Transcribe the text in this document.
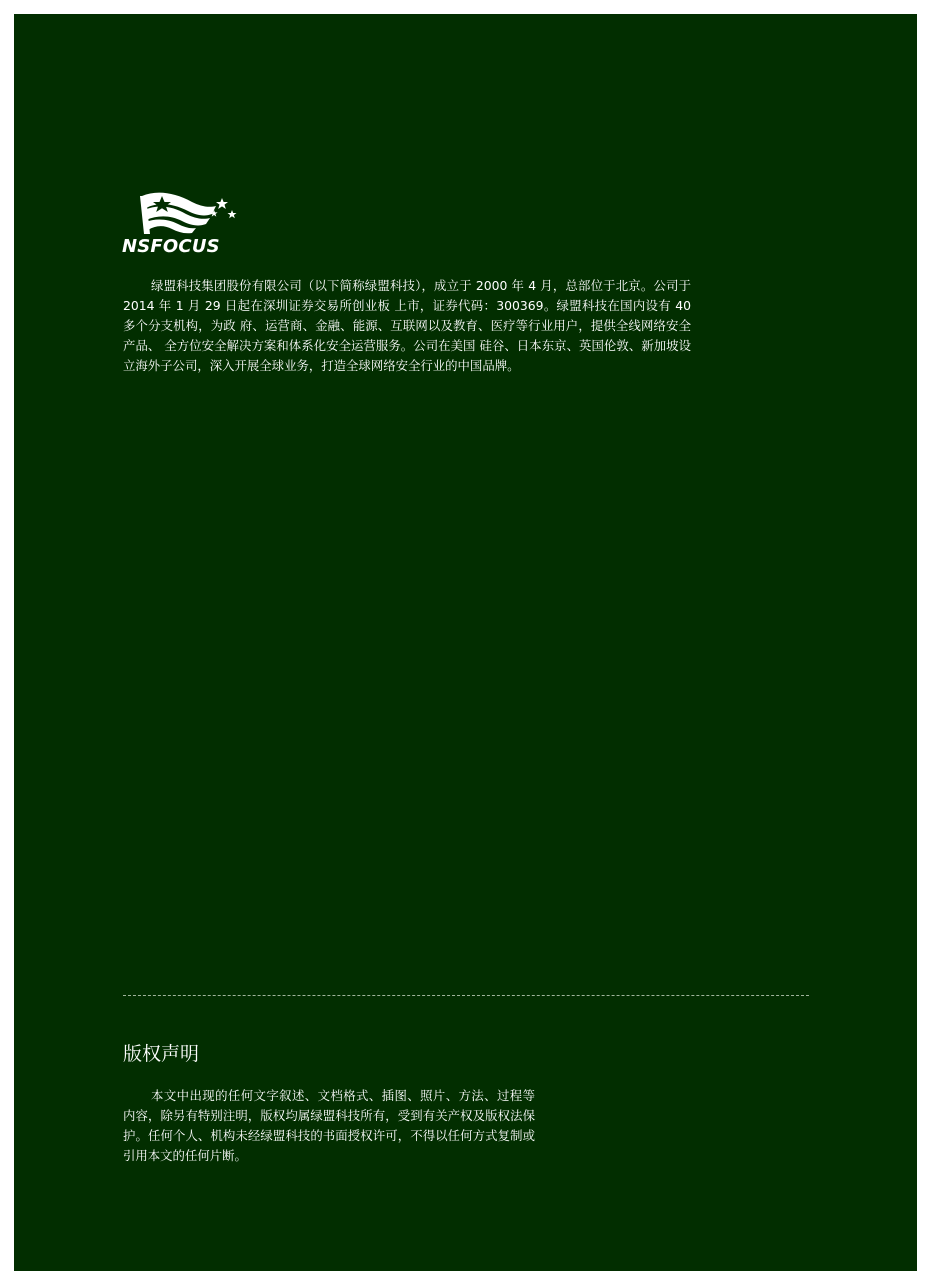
NSFOCUS

绿盟科技集团股份有限公司（以下简称绿盟科技），成立于 2000 年 4 月，总部位于北京。公司于 2014 年 1 月 29 日起在深圳证券交易所创业板 上市，证券代码：300369。绿盟科技在国内设有 40 多个分支机构，为政 府、运营商、金融、能源、互联网以及教育、医疗等行业用户，提供全线网络安全产品、 全方位安全解决方案和体系化安全运营服务。公司在美国 硅谷、日本东京、英国伦敦、新加坡设立海外子公司，深入开展全球业务，打造全球网络安全行业的中国品牌。

版权声明

本文中出现的任何文字叙述、文档格式、插图、照片、方法、过程等内容，除另有特别注明，版权均属绿盟科技所有，受到有关产权及版权法保护。任何个人、机构未经绿盟科技的书面授权许可，不得以任何方式复制或引用本文的任何片断。
